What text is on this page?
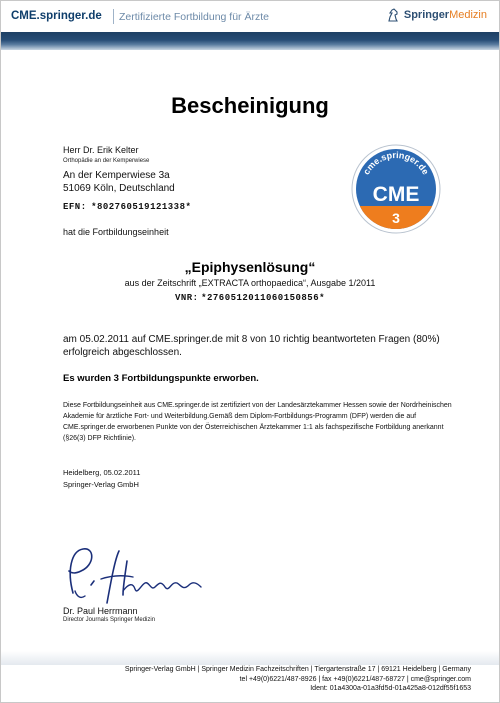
CME.springer.de Zertifizierte Fortbildung für Ärzte	SpringerMedizin
Bescheinigung
Herr Dr. Erik Kelter
Orthopädie an der Kemperwiese
An der Kemperwiese 3a
51069 Köln, Deutschland
EFN: *802760519121338*
cme.springer.de
CME
3
hat die Fortbildungseinheit
„Epiphysenlösung“
aus der Zeitschrift „EXTRACTA orthopaedica“, Ausgabe 1/2011
VNR: *2760512011060150856*
am 05.02.2011 auf CME.springer.de mit 8 von 10 richtig beantworteten Fragen (80%) erfolgreich abgeschlossen.
Es wurden 3 Fortbildungspunkte erworben.
Diese Fortbildungseinheit aus CME.springer.de ist zertifiziert von der Landesärztekammer Hessen sowie der Nordrheinischen Akademie für ärztliche Fort- und Weiterbildung.Gemäß dem Diplom-Fortbildungs-Programm (DFP) werden die auf CME.springer.de erworbenen Punkte von der Österreichischen Ärztekammer 1:1 als fachspezifische Fortbildung anerkannt (§26(3) DFP Richtlinie).
Heidelberg, 05.02.2011
Springer-Verlag GmbH
Dr. Paul Herrmann
Director Journals Springer Medizin
Springer-Verlag GmbH | Springer Medizin Fachzeitschriften | Tiergartenstraße 17 | 69121 Heidelberg | Germany
tel +49(0)6221/487-8926 | fax +49(0)6221/487-68727 | cme@springer.com
Ident: 01a4300a-01a3fd5d-01a425a8-012df55f1653
